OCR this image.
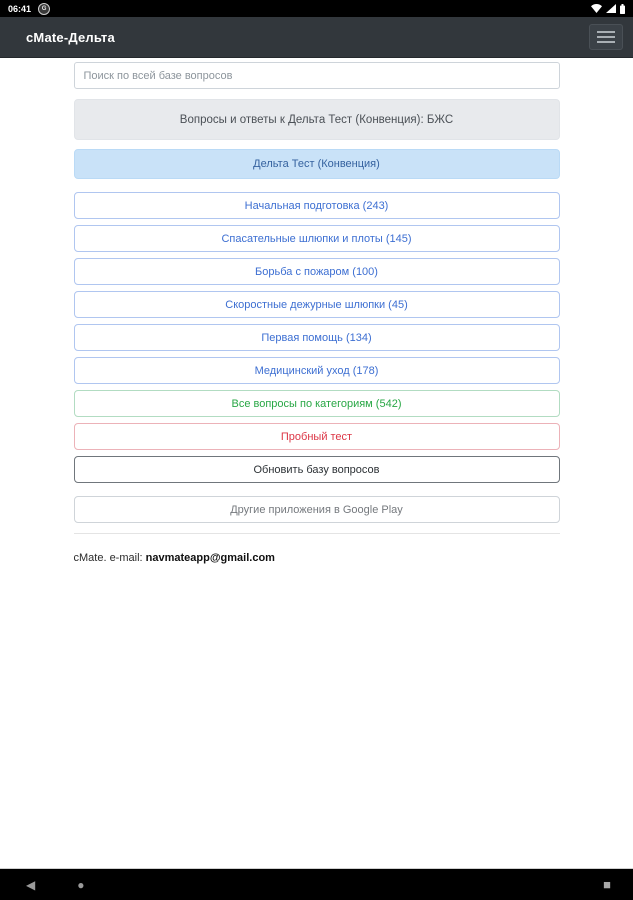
06:41	G
cMate-Дельта
Поиск по всей базе вопросов
Вопросы и ответы к Дельта Тест (Конвенция): БЖС
Дельта Тест (Конвенция)
Начальная подготовка (243)
Спасательные шлюпки и плоты (145)
Борьба с пожаром (100)
Скоростные дежурные шлюпки (45)
Первая помощь (134)
Медицинский уход (178)
Все вопросы по категориям (542)
Пробный тест
Обновить базу вопросов
Другие приложения в Google Play
cMate. e-mail: navmateapp@gmail.com
◀	●	■
